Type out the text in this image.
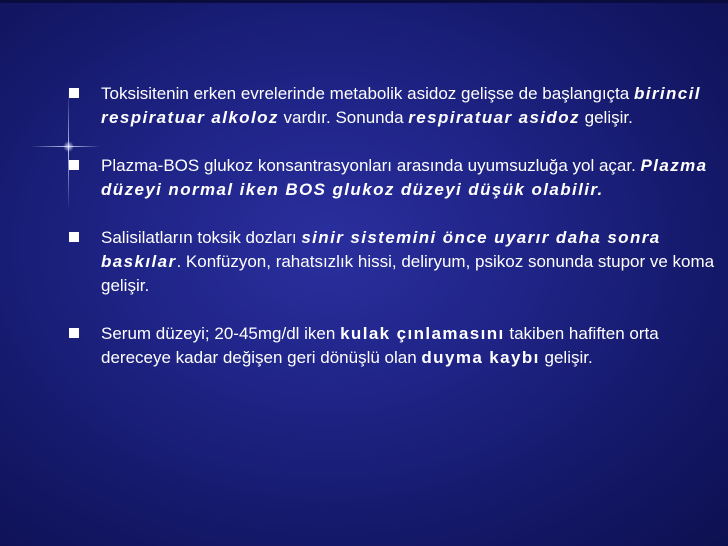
Toksisitenin erken evrelerinde metabolik asidoz gelişse de başlangıçta birincil respiratuar alkoloz vardır. Sonunda respiratuar asidoz gelişir.
Plazma-BOS glukoz konsantrasyonları arasında uyumsuzluğa yol açar. Plazma düzeyi normal iken BOS glukoz düzeyi düşük olabilir.
Salisilatların toksik dozları sinir sistemini önce uyarır daha sonra baskılar. Konfüzyon, rahatsızlık hissi, deliryum, psikoz sonunda stupor ve koma gelişir.
Serum düzeyi; 20-45mg/dl iken kulak çınlamasını takiben hafiften orta dereceye kadar değişen geri dönüşlü olan duyma kaybı gelişir.
